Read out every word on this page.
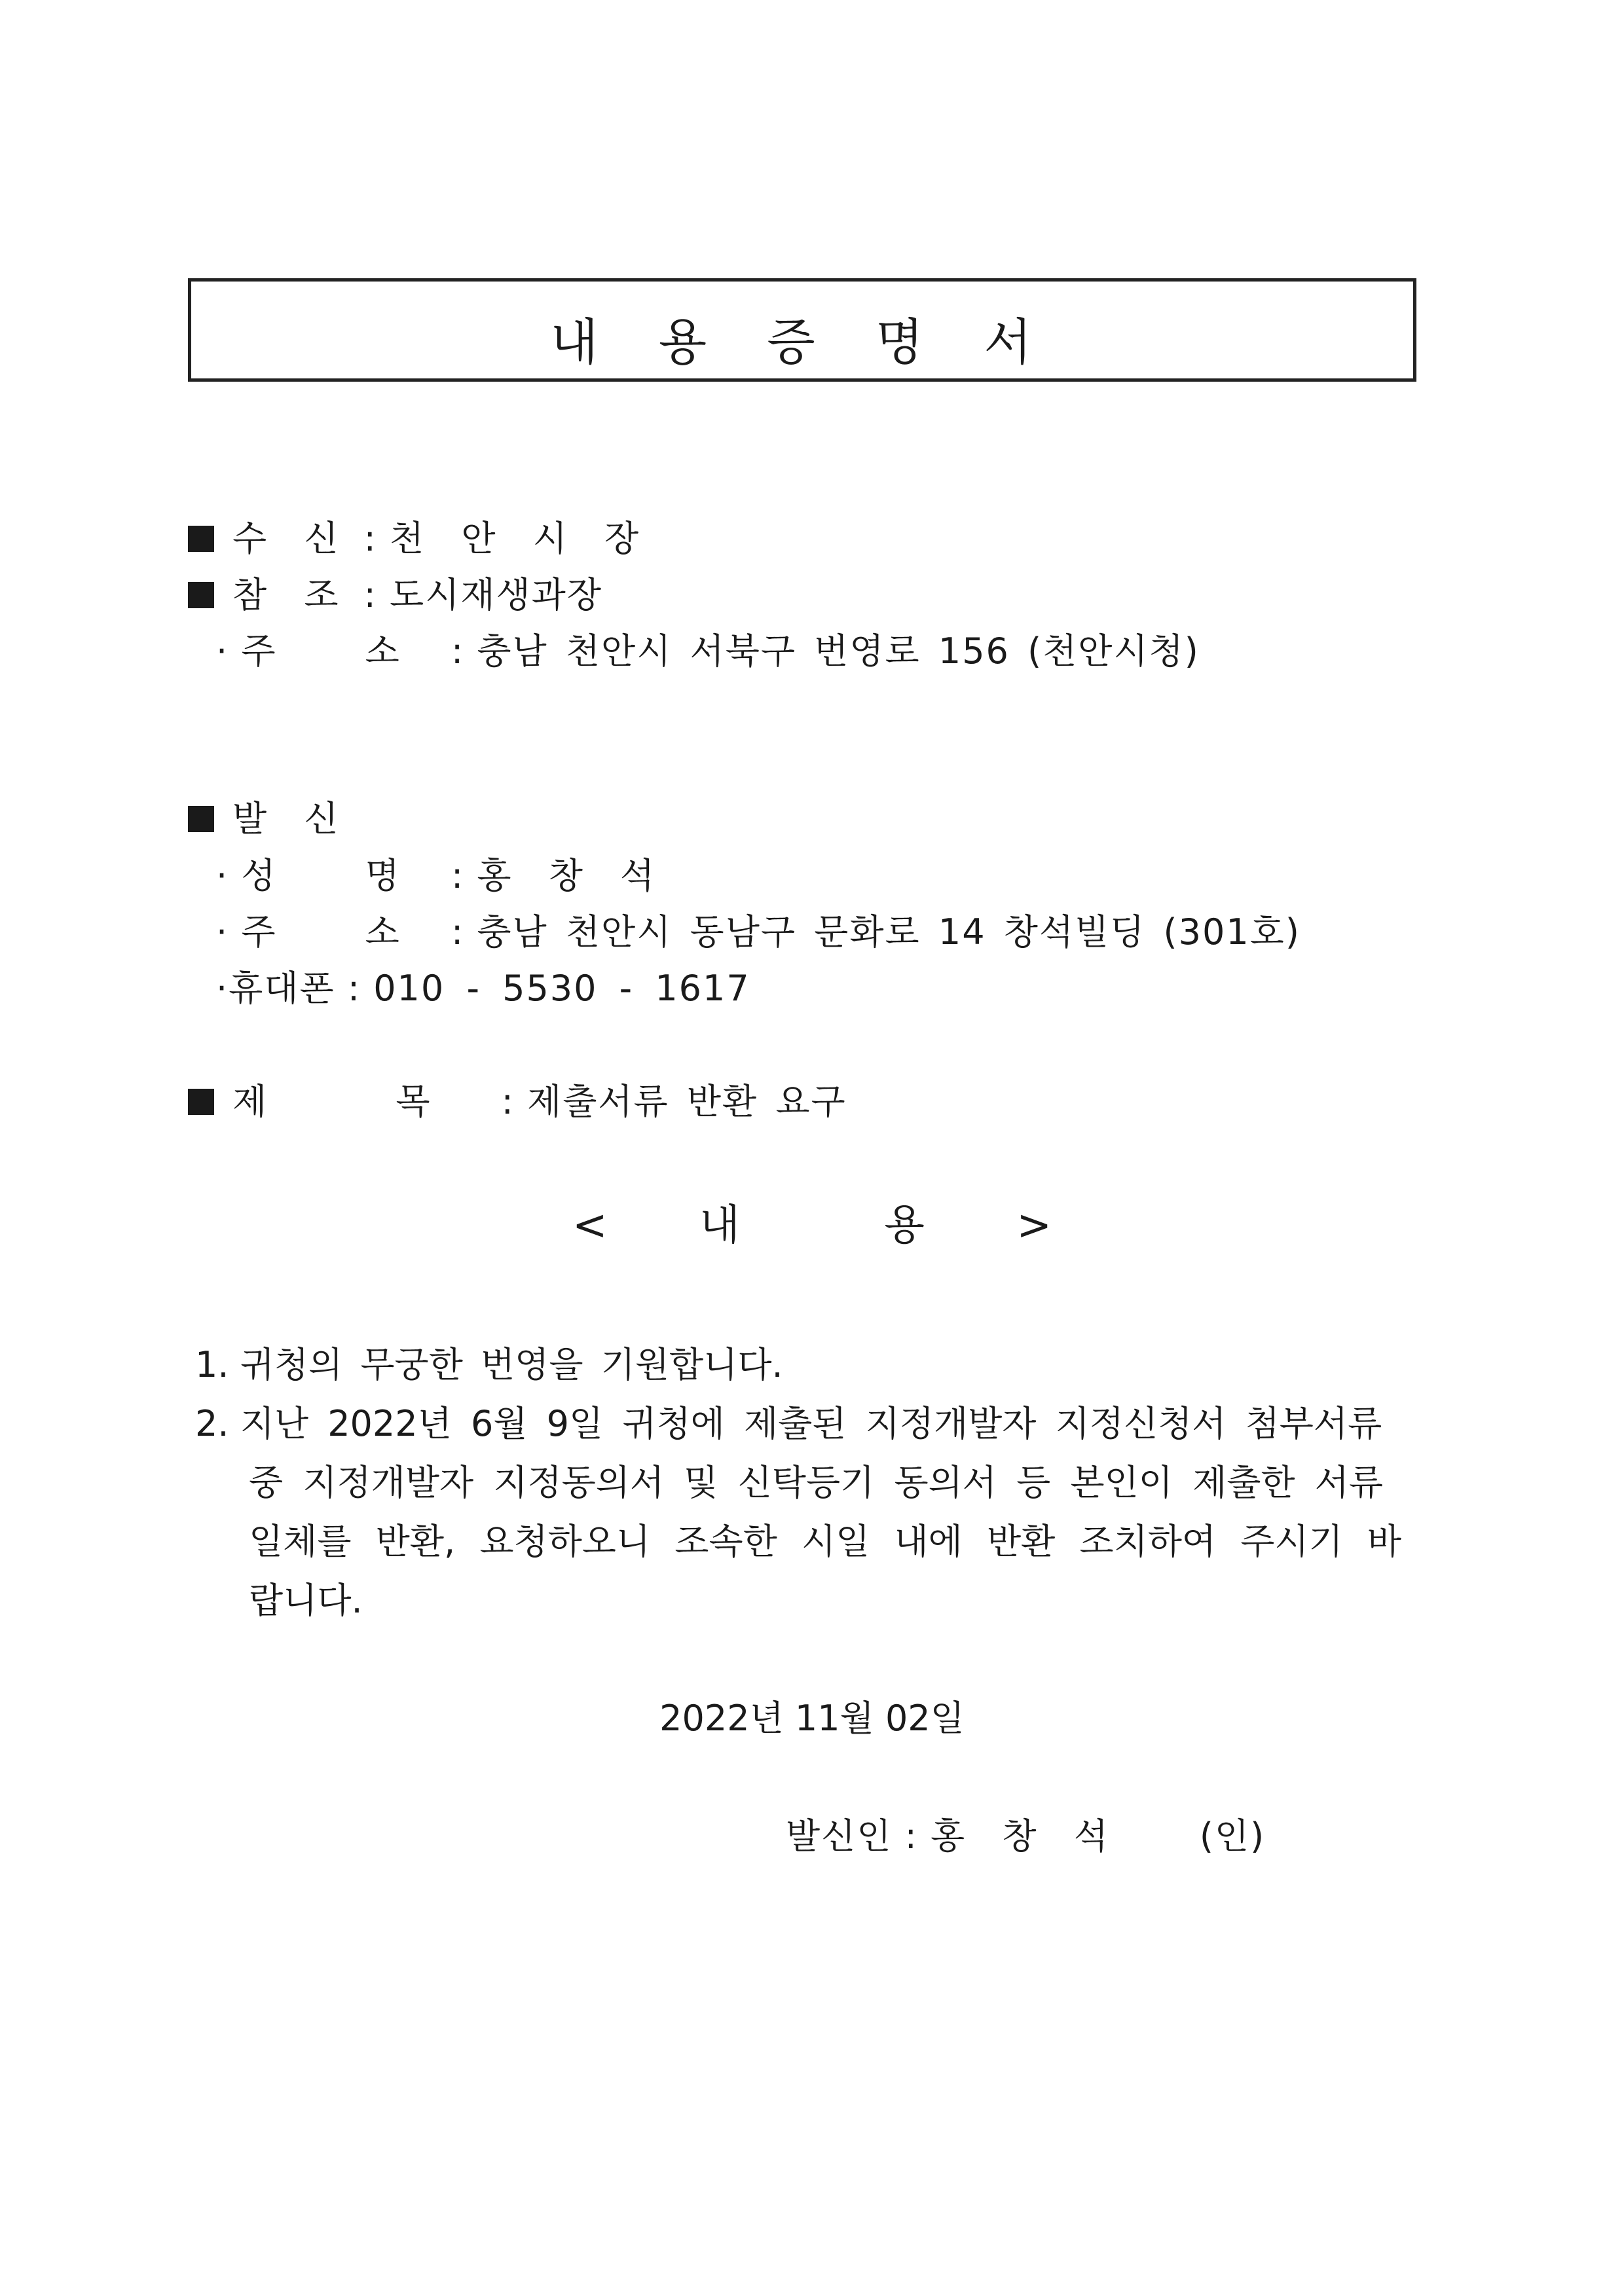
내 용 증 명 서
수 신 : 천 안 시 장
참 조 : 도시재생과장
· 주 소 : 충남 천안시 서북구 번영로 156 (천안시청)
발 신
· 성 명 : 홍 창 석
· 주 소 : 충남 천안시 동남구 문화로 14 창석빌딩 (301호)
·휴대폰 : 010 - 5530 - 1617
제 목 : 제출서류 반환 요구
< 내	용 >
1. 귀청의 무궁한 번영을 기원합니다.
2. 지난 2022년 6월 9일 귀청에 제출된 지정개발자 지정신청서 첨부서류
중 지정개발자 지정동의서 및 신탁등기 동의서 등 본인이 제출한 서류
일체를 반환, 요청하오니 조속한 시일 내에 반환 조치하여 주시기 바
랍니다.
2022년 11월 02일
발신인 : 홍 창 석 (인)
